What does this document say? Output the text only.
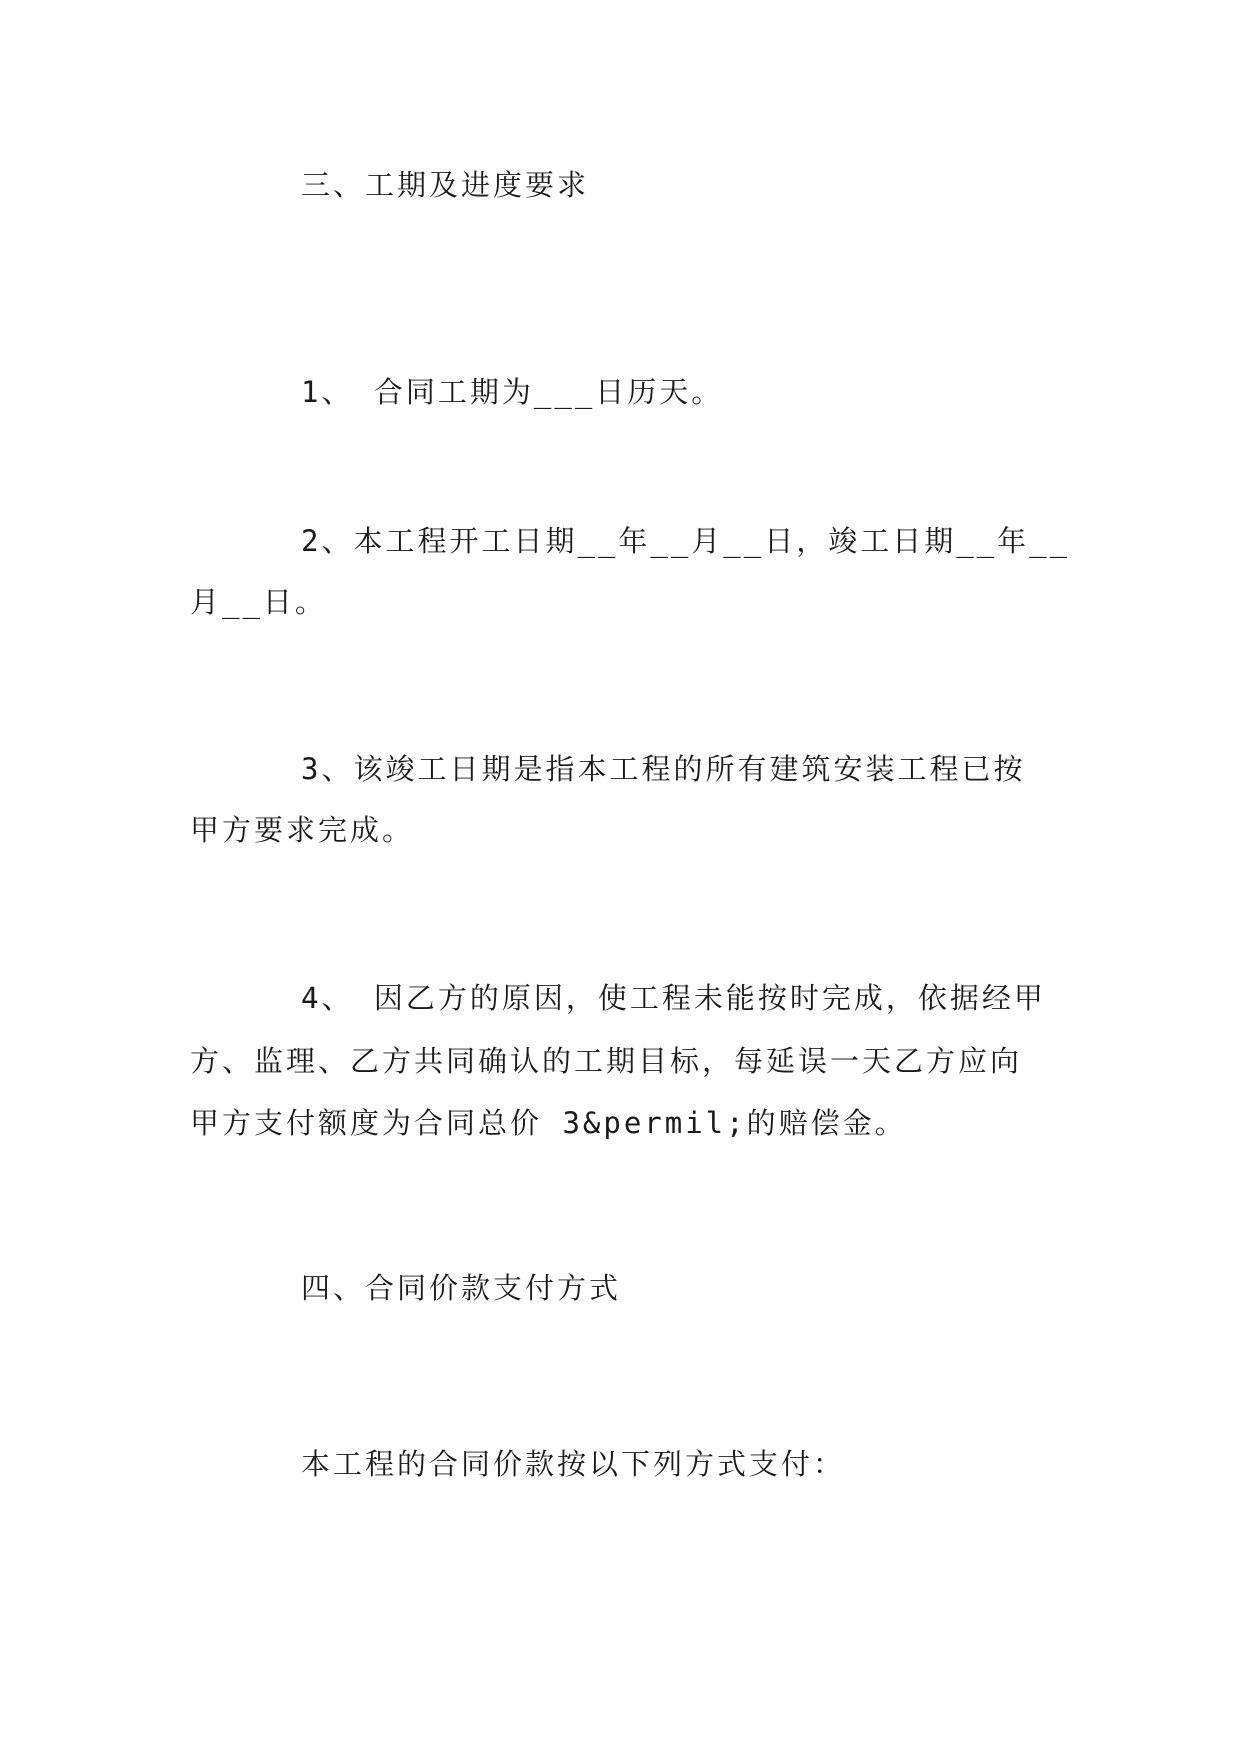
三、工期及进度要求

1、 合同工期为___日历天。

2、本工程开工日期__年__月__日，竣工日期__年__

月__日。

3、该竣工日期是指本工程的所有建筑安装工程已按

甲方要求完成。

4、 因乙方的原因，使工程未能按时完成，依据经甲

方、监理、乙方共同确认的工期目标，每延误一天乙方应向

甲方支付额度为合同总价 3&permil;的赔偿金。

四、合同价款支付方式

本工程的合同价款按以下列方式支付：
